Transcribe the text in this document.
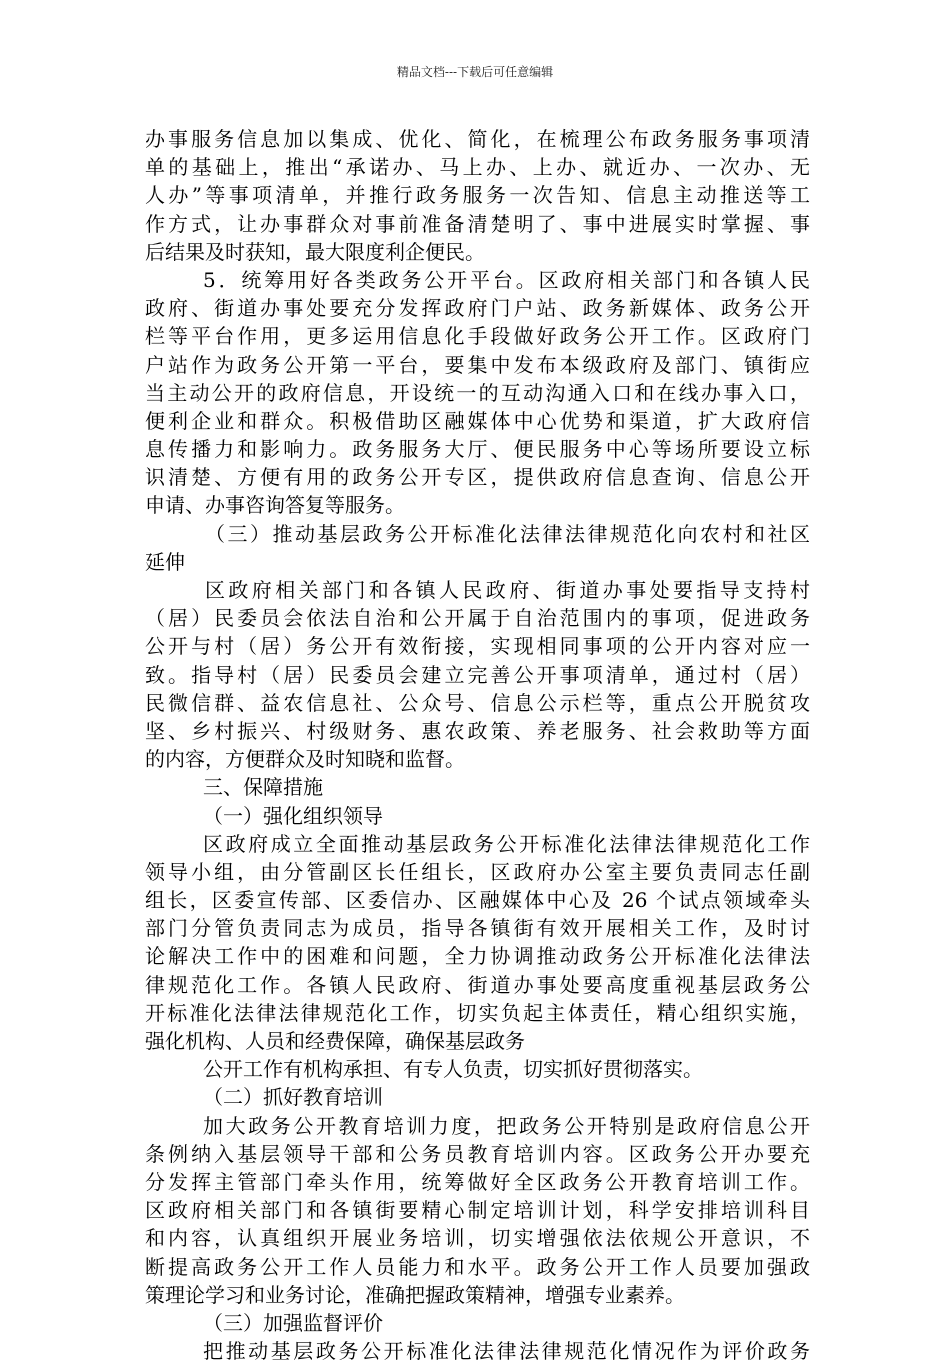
精品文档---下载后可任意编辑
办事服务信息加以集成、优化、简化，在梳理公布政务服务事项清
单的基础上，推出“承诺办、马上办、上办、就近办、一次办、无
人办”等事项清单，并推行政务服务一次告知、信息主动推送等工
作方式，让办事群众对事前准备清楚明了、事中进展实时掌握、事
后结果及时获知，最大限度利企便民。
5．统筹用好各类政务公开平台。区政府相关部门和各镇人民
政府、街道办事处要充分发挥政府门户站、政务新媒体、政务公开
栏等平台作用，更多运用信息化手段做好政务公开工作。区政府门
户站作为政务公开第一平台，要集中发布本级政府及部门、镇街应
当主动公开的政府信息，开设统一的互动沟通入口和在线办事入口，
便利企业和群众。积极借助区融媒体中心优势和渠道，扩大政府信
息传播力和影响力。政务服务大厅、便民服务中心等场所要设立标
识清楚、方便有用的政务公开专区，提供政府信息查询、信息公开
申请、办事咨询答复等服务。
（三）推动基层政务公开标准化法律法律规范化向农村和社区
延伸
区政府相关部门和各镇人民政府、街道办事处要指导支持村
（居）民委员会依法自治和公开属于自治范围内的事项，促进政务
公开与村（居）务公开有效衔接，实现相同事项的公开内容对应一
致。指导村（居）民委员会建立完善公开事项清单，通过村（居）
民微信群、益农信息社、公众号、信息公示栏等，重点公开脱贫攻
坚、乡村振兴、村级财务、惠农政策、养老服务、社会救助等方面
的内容，方便群众及时知晓和监督。
三、保障措施
（一）强化组织领导
区政府成立全面推动基层政务公开标准化法律法律规范化工作
领导小组，由分管副区长任组长，区政府办公室主要负责同志任副
组长，区委宣传部、区委信办、区融媒体中心及 26 个试点领域牵头
部门分管负责同志为成员，指导各镇街有效开展相关工作，及时讨
论解决工作中的困难和问题，全力协调推动政务公开标准化法律法
律规范化工作。各镇人民政府、街道办事处要高度重视基层政务公
开标准化法律法律规范化工作，切实负起主体责任，精心组织实施，
强化机构、人员和经费保障，确保基层政务
公开工作有机构承担、有专人负责，切实抓好贯彻落实。
（二）抓好教育培训
加大政务公开教育培训力度，把政务公开特别是政府信息公开
条例纳入基层领导干部和公务员教育培训内容。区政务公开办要充
分发挥主管部门牵头作用，统筹做好全区政务公开教育培训工作。
区政府相关部门和各镇街要精心制定培训计划，科学安排培训科目
和内容，认真组织开展业务培训，切实增强依法依规公开意识，不
断提高政务公开工作人员能力和水平。政务公开工作人员要加强政
策理论学习和业务讨论，准确把握政策精神，增强专业素养。
（三）加强监督评价
把推动基层政务公开标准化法律法律规范化情况作为评价政务
